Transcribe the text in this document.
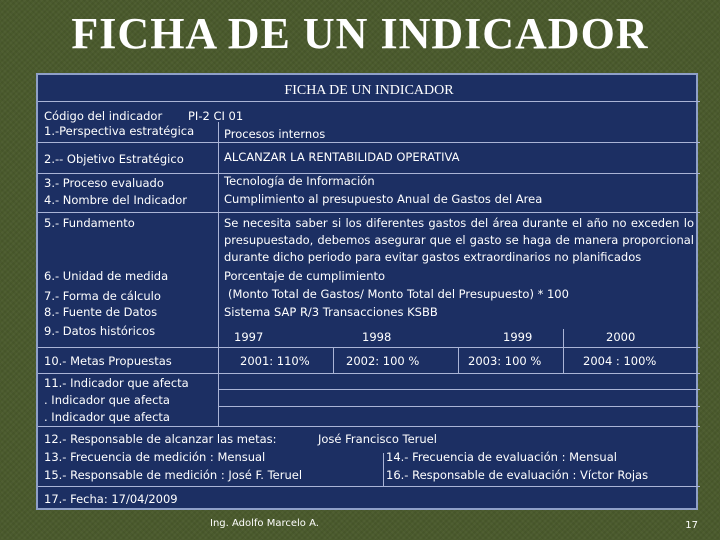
FICHA DE UN INDICADOR
FICHA DE UN INDICADOR
Código del indicador PI-2 CI 01
1.-Perspectiva estratégica	Procesos internos
2.-- Objetivo Estratégico	ALCANZAR LA RENTABILIDAD OPERATIVA
3.- Proceso evaluado	Tecnología de Información
4.- Nombre del Indicador	Cumplimiento al presupuesto Anual de Gastos del Area
5.- Fundamento	Se necesita saber si los diferentes gastos del área durante el año no exceden lo presupuestado, debemos asegurar que el gasto se haga de manera proporcional durante dicho periodo para evitar gastos extraordinarios no planificados
6.- Unidad de medida	Porcentaje de cumplimiento
7.- Forma de cálculo	(Monto Total de Gastos/ Monto Total del Presupuesto) * 100
8.- Fuente de Datos	Sistema SAP R/3 Transacciones KSBB
9.- Datos históricos	1997	1998	1999	2000
10.- Metas Propuestas	2001: 110%	2002: 100 %	2003: 100 %	2004 : 100%
11.- Indicador que afecta
. Indicador que afecta
. Indicador que afecta
12.- Responsable de alcanzar las metas:	José Francisco Teruel
13.- Frecuencia de medición : Mensual	14.- Frecuencia de evaluación : Mensual
15.- Responsable de medición : José F. Teruel	16.- Responsable de evaluación : Víctor Rojas
17.- Fecha: 17/04/2009
Ing. Adolfo Marcelo A.	17
